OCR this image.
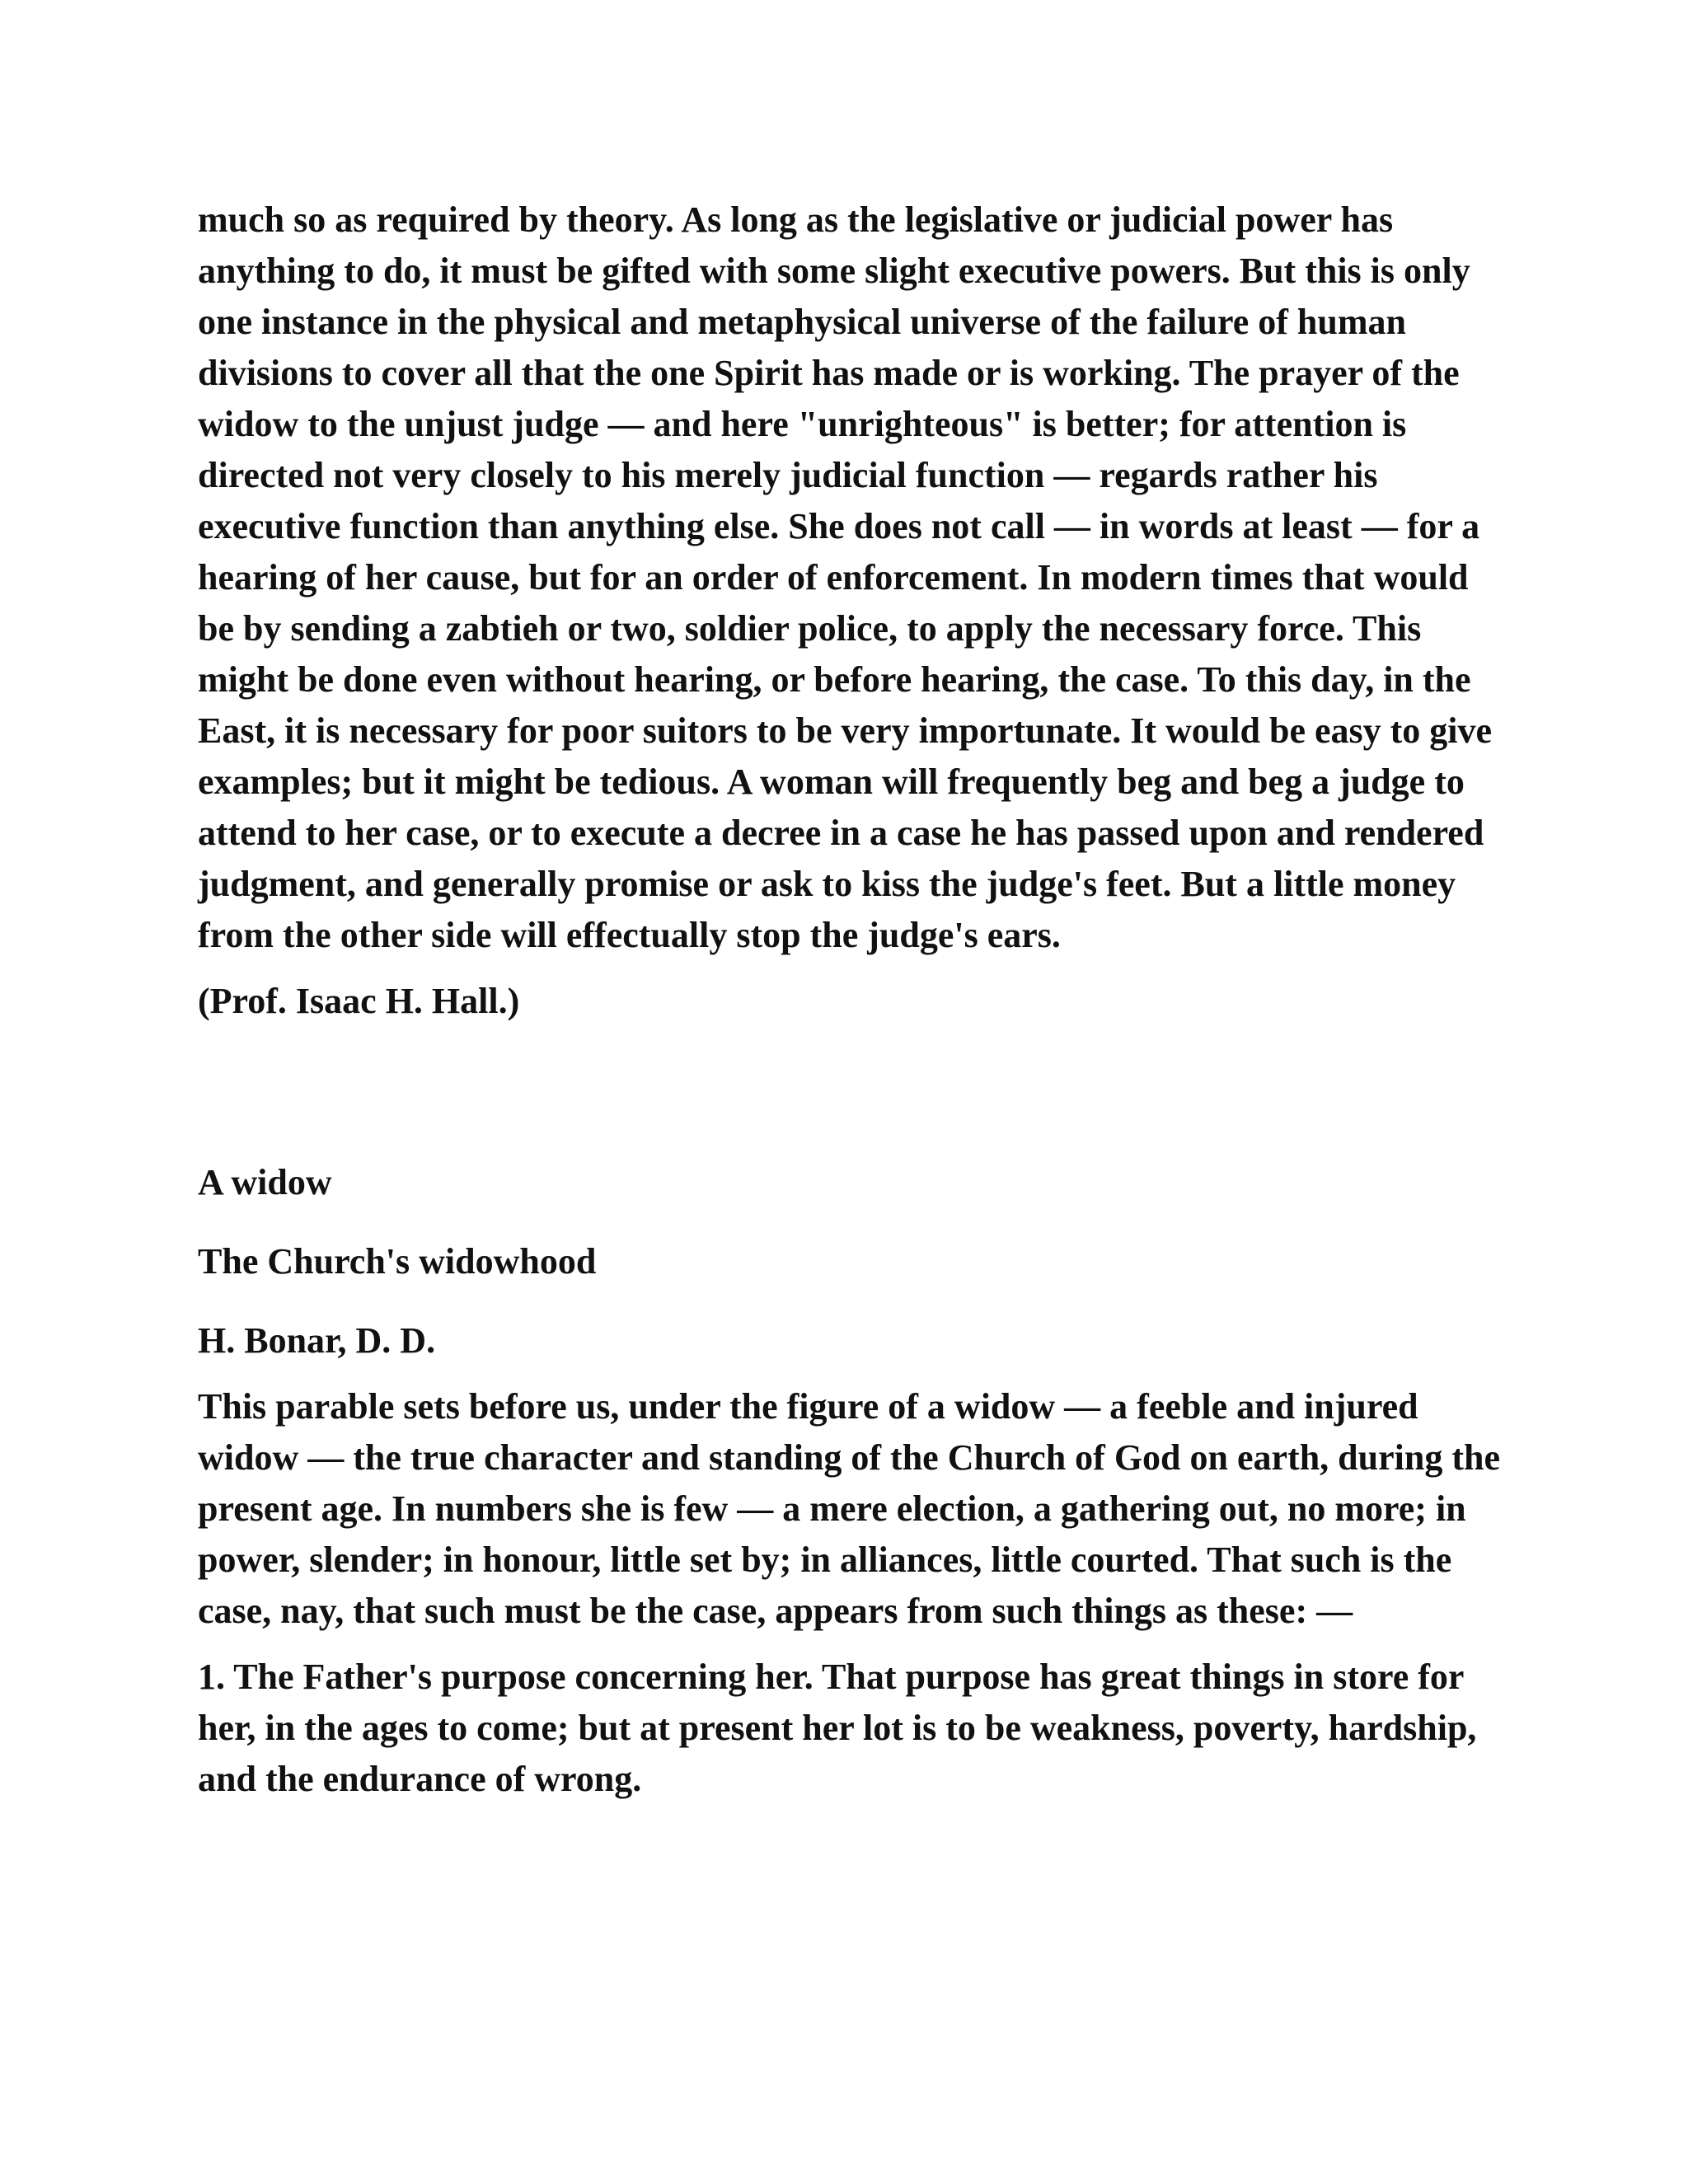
much so as required by theory. As long as the legislative or judicial power has anything to do, it must be gifted with some slight executive powers. But this is only one instance in the physical and metaphysical universe of the failure of human divisions to cover all that the one Spirit has made or is working. The prayer of the widow to the unjust judge — and here "unrighteous" is better; for attention is directed not very closely to his merely judicial function — regards rather his executive function than anything else. She does not call — in words at least — for a hearing of her cause, but for an order of enforcement. In modern times that would be by sending a zabtieh or two, soldier police, to apply the necessary force. This might be done even without hearing, or before hearing, the case. To this day, in the East, it is necessary for poor suitors to be very importunate. It would be easy to give examples; but it might be tedious. A woman will frequently beg and beg a judge to attend to her case, or to execute a decree in a case he has passed upon and rendered judgment, and generally promise or ask to kiss the judge's feet. But a little money from the other side will effectually stop the judge's ears.

(Prof. Isaac H. Hall.)

A widow

The Church's widowhood

H. Bonar, D. D.

This parable sets before us, under the figure of a widow — a feeble and injured widow — the true character and standing of the Church of God on earth, during the present age. In numbers she is few — a mere election, a gathering out, no more; in power, slender; in honour, little set by; in alliances, little courted. That such is the case, nay, that such must be the case, appears from such things as these: —

1. The Father's purpose concerning her. That purpose has great things in store for her, in the ages to come; but at present her lot is to be weakness, poverty, hardship, and the endurance of wrong.
